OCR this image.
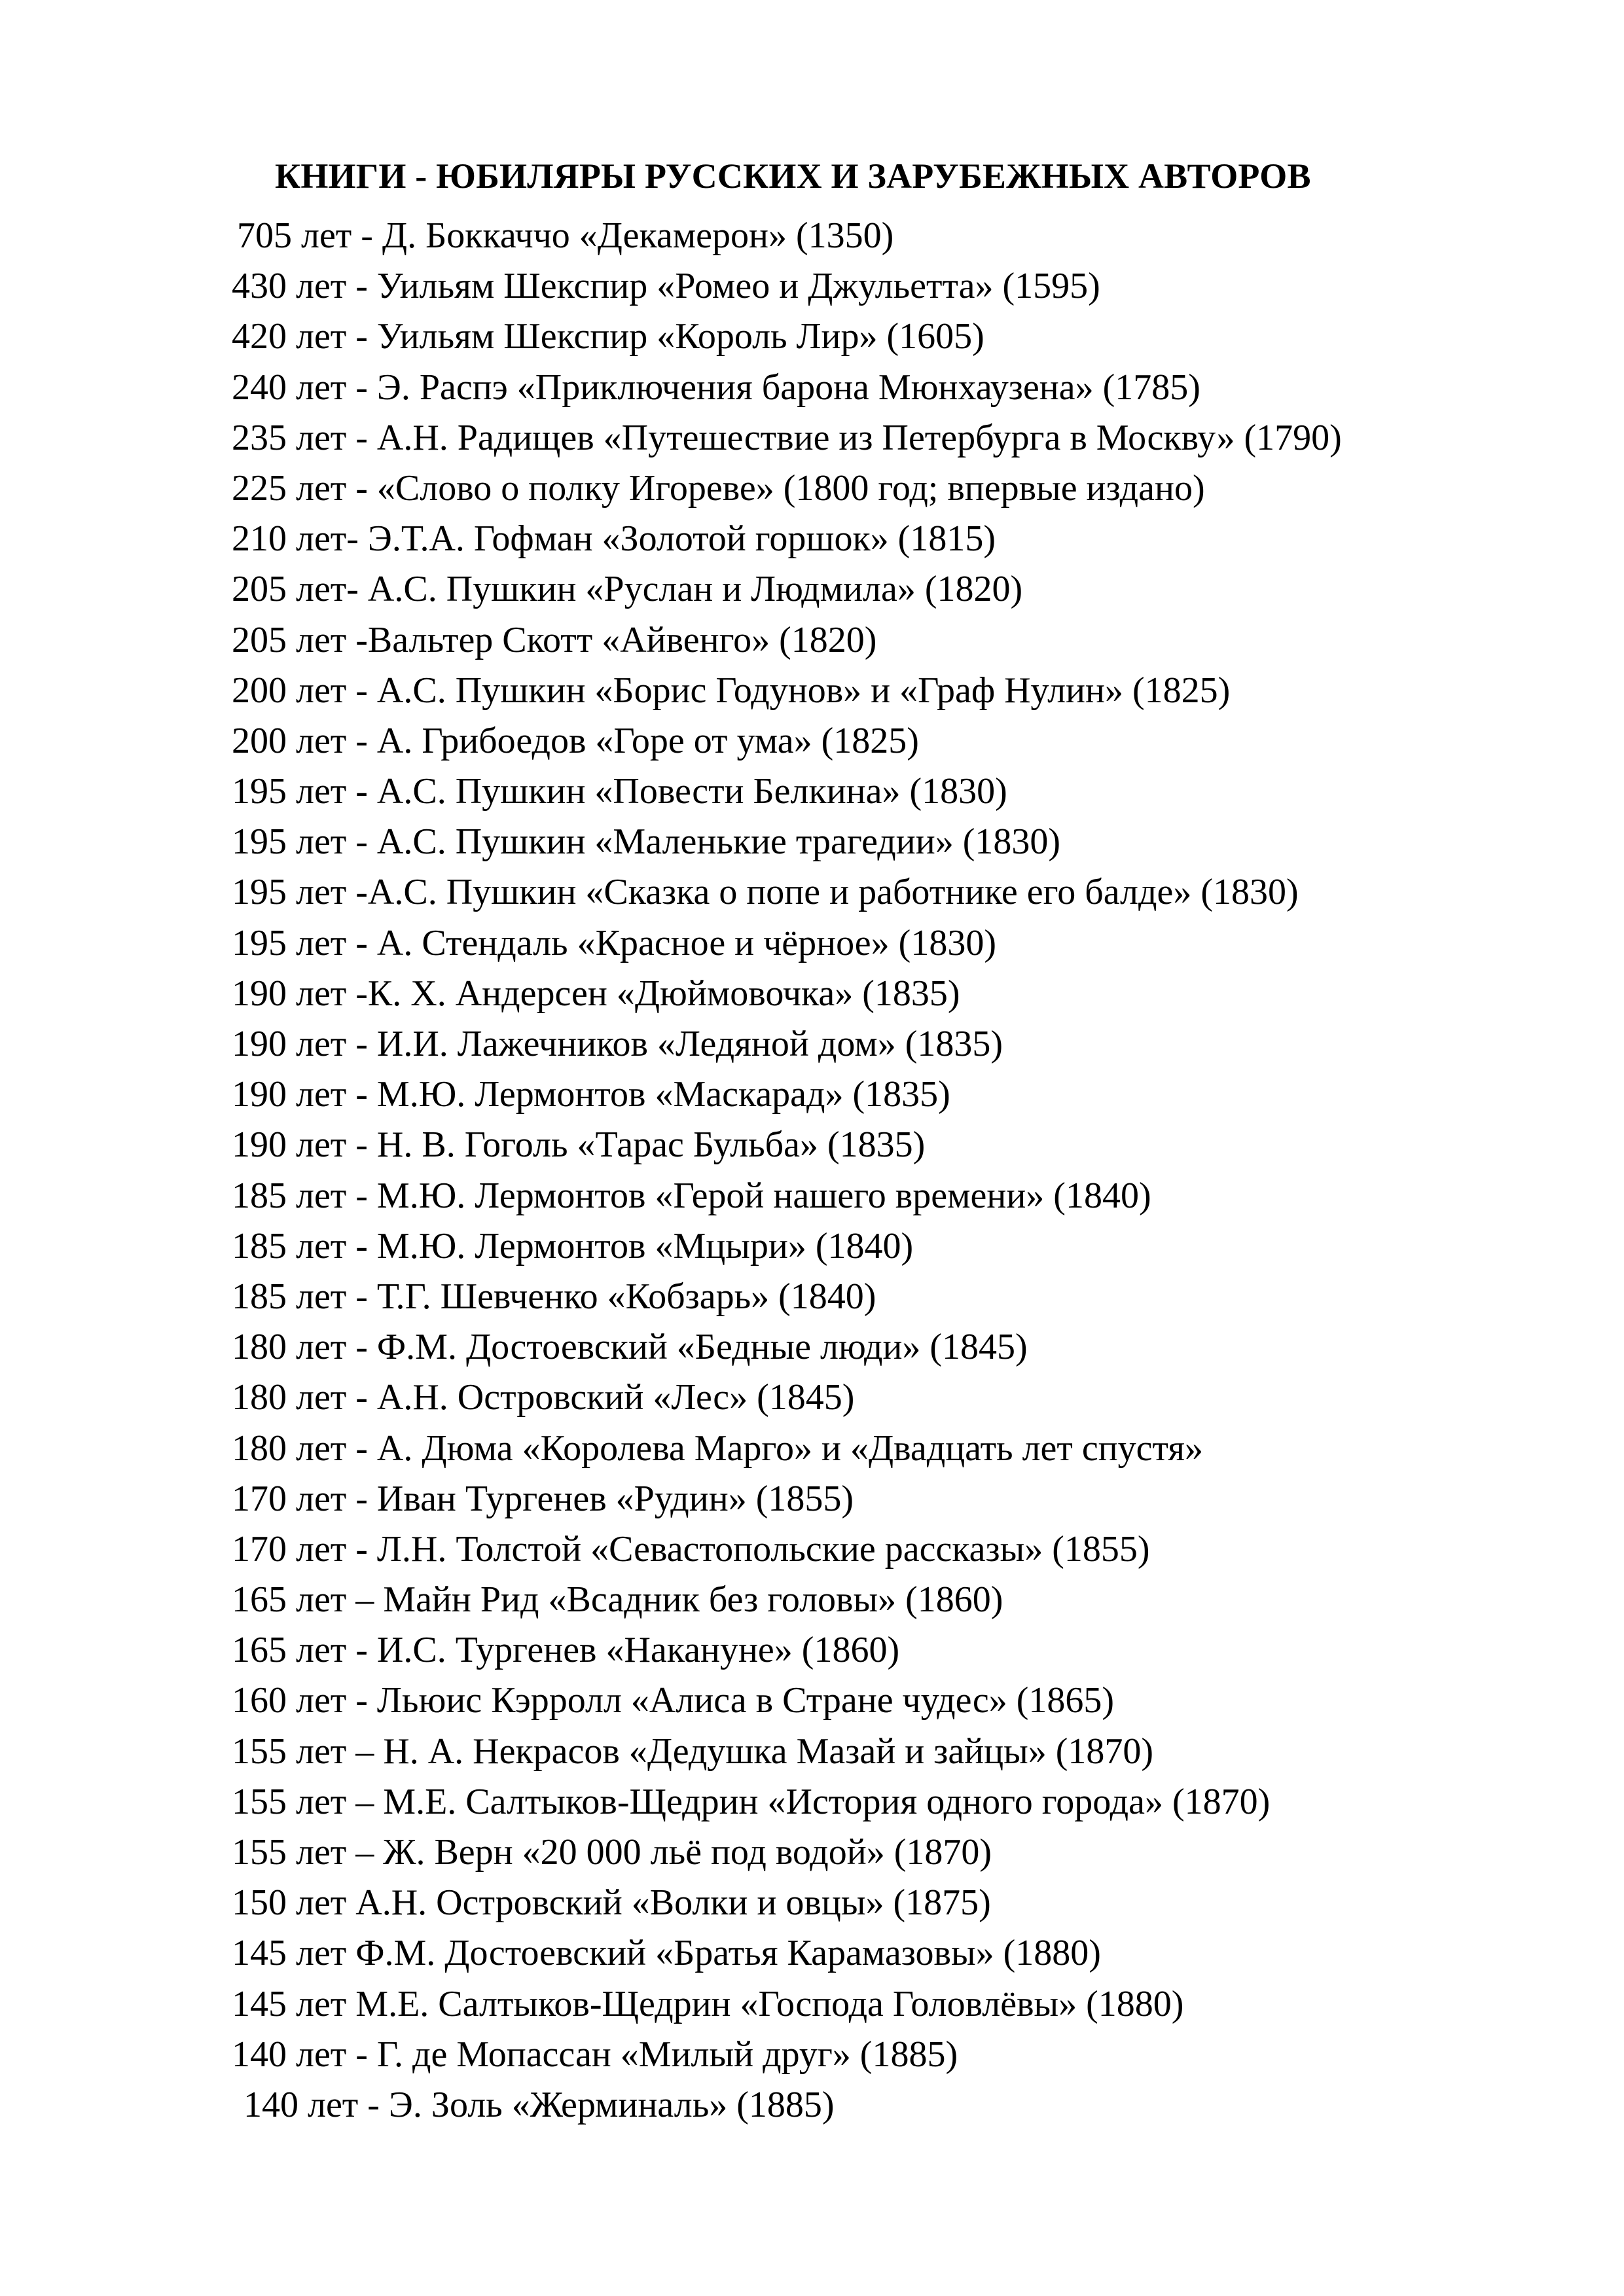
КНИГИ - ЮБИЛЯРЫ РУССКИХ И ЗАРУБЕЖНЫХ АВТОРОВ
705 лет - Д. Боккаччо «Декамерон» (1350)
430 лет - Уильям Шекспир «Ромео и Джульетта» (1595)
420 лет - Уильям Шекспир «Король Лир» (1605)
240 лет - Э. Распэ «Приключения барона Мюнхаузена» (1785)
235 лет - А.Н. Радищев «Путешествие из Петербурга в Москву» (1790)
225 лет - «Слово о полку Игореве» (1800 год; впервые издано)
210 лет- Э.Т.А. Гофман «Золотой горшок» (1815)
205 лет- А.С. Пушкин «Руслан и Людмила» (1820)
205 лет -Вальтер Скотт «Айвенго» (1820)
200 лет - А.С. Пушкин «Борис Годунов» и «Граф Нулин» (1825)
200 лет - А. Грибоедов «Горе от ума» (1825)
195 лет - А.С. Пушкин «Повести Белкина» (1830)
195 лет - А.С. Пушкин «Маленькие трагедии» (1830)
195 лет -А.С. Пушкин «Сказка о попе и работнике его балде» (1830)
195 лет - А. Стендаль «Красное и чёрное» (1830)
190 лет -К. Х. Андерсен «Дюймовочка» (1835)
190 лет - И.И. Лажечников «Ледяной дом» (1835)
190 лет - М.Ю. Лермонтов «Маскарад» (1835)
190 лет - Н. В. Гоголь «Тарас Бульба» (1835)
185 лет - М.Ю. Лермонтов «Герой нашего времени» (1840)
185 лет - М.Ю. Лермонтов «Мцыри» (1840)
185 лет - Т.Г. Шевченко «Кобзарь» (1840)
180 лет - Ф.М. Достоевский «Бедные люди» (1845)
180 лет - А.Н. Островский «Лес» (1845)
180 лет - А. Дюма «Королева Марго» и «Двадцать лет спустя»
170 лет - Иван Тургенев «Рудин» (1855)
170 лет - Л.Н. Толстой «Севастопольские рассказы» (1855)
165 лет – Майн Рид «Всадник без головы» (1860)
165 лет - И.С. Тургенев «Накануне» (1860)
160 лет - Льюис Кэрролл «Алиса в Стране чудес» (1865)
155 лет – Н. А. Некрасов «Дедушка Мазай и зайцы» (1870)
155 лет – М.Е. Салтыков-Щедрин «История одного города» (1870)
155 лет – Ж. Верн «20 000 льё под водой» (1870)
150 лет А.Н. Островский «Волки и овцы» (1875)
145 лет Ф.М. Достоевский «Братья Карамазовы» (1880)
145 лет М.Е. Салтыков-Щедрин «Господа Головлёвы» (1880)
140 лет - Г. де Мопассан «Милый друг» (1885)
140 лет - Э. Золь «Жерминаль» (1885)
